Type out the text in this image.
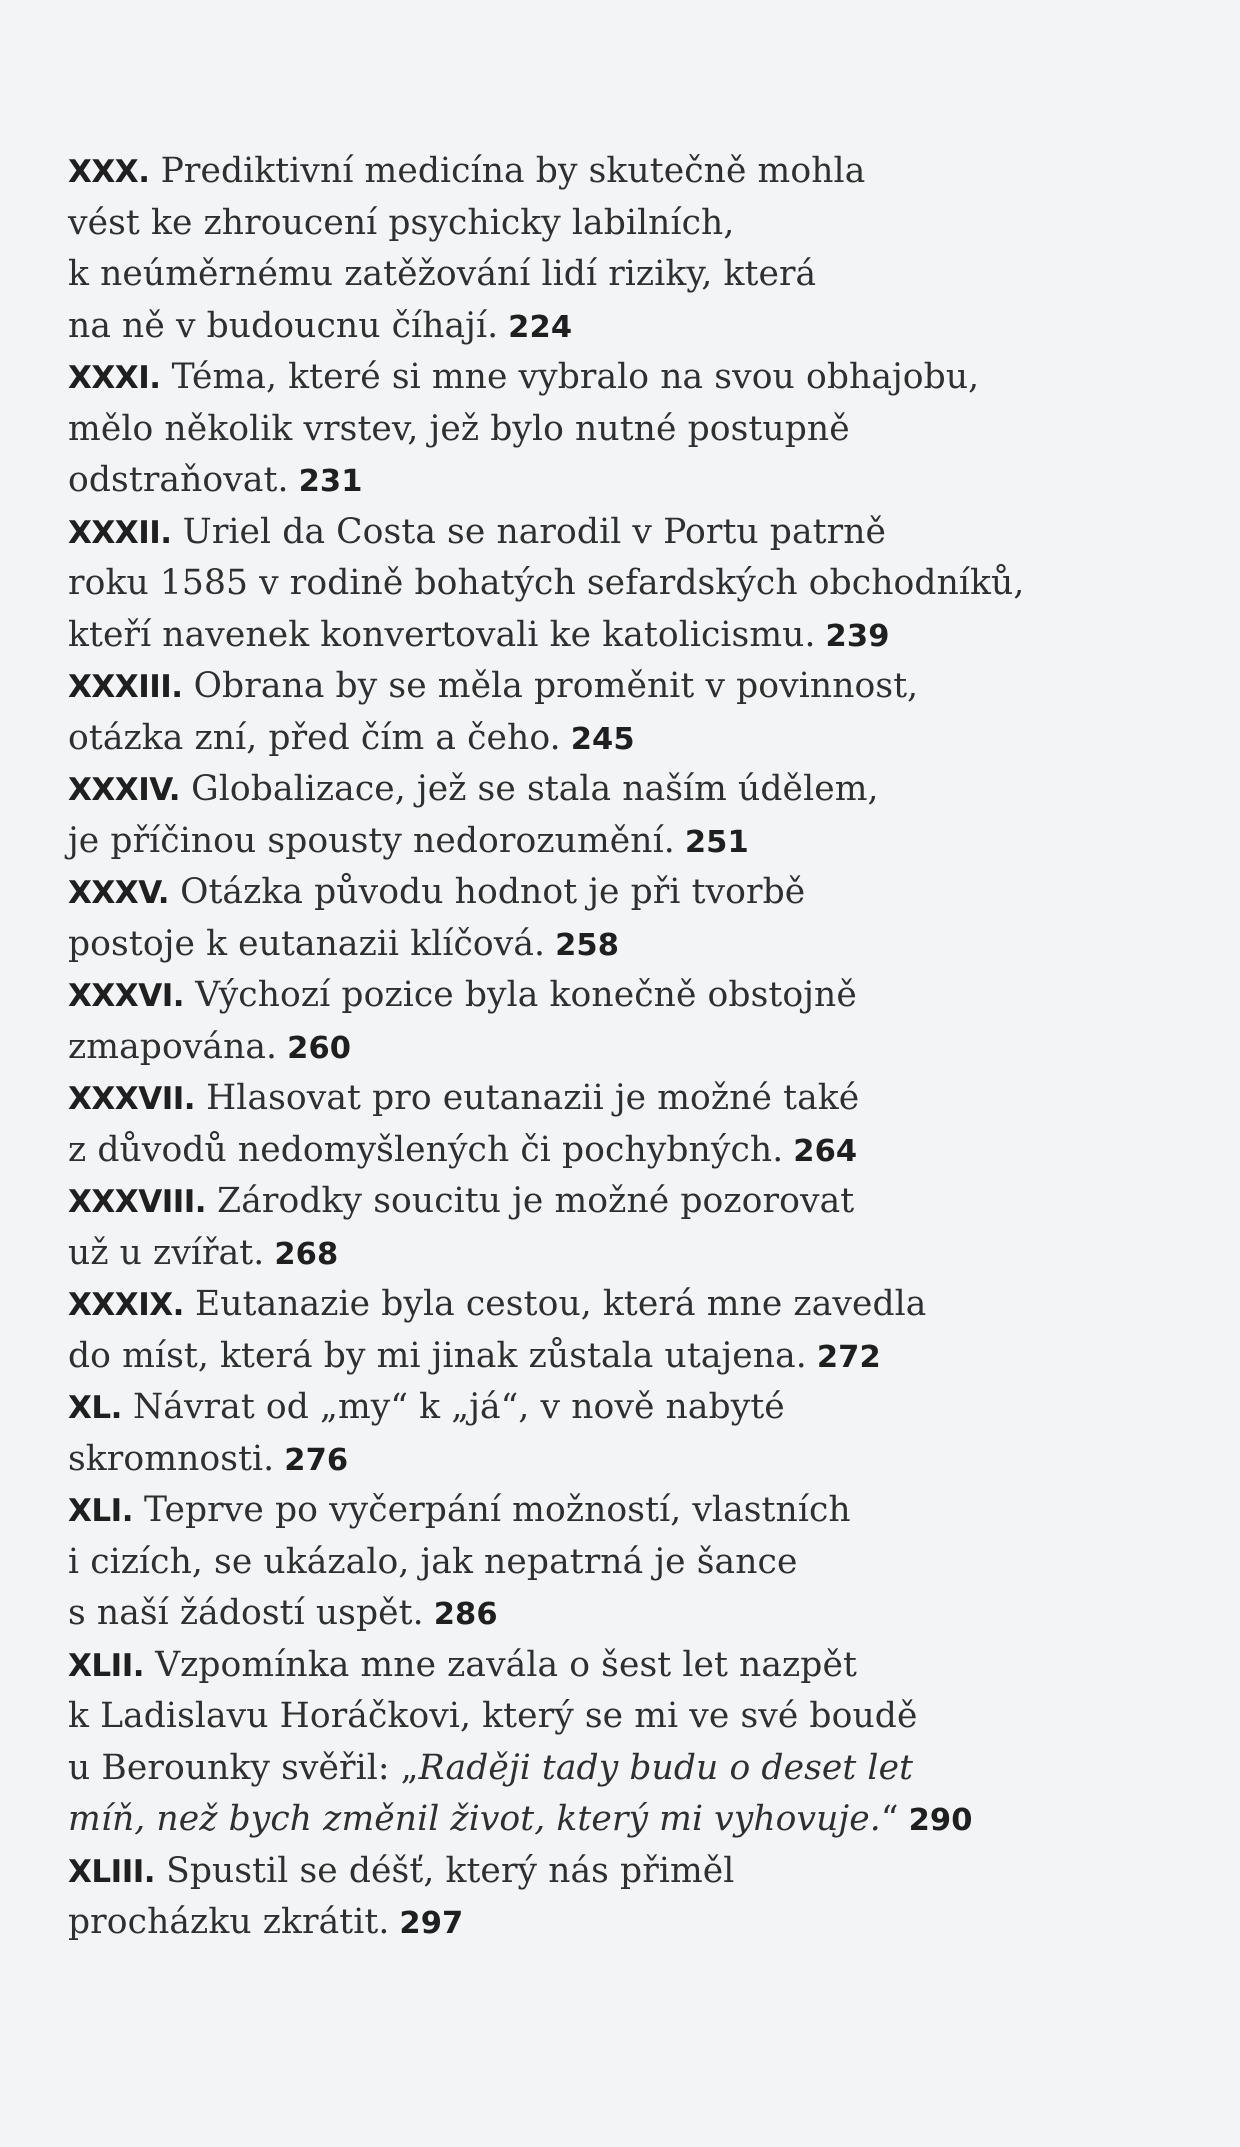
XXX. Prediktivní medicína by skutečně mohla
vést ke zhroucení psychicky labilních,
k neúměrnému zatěžování lidí riziky, která
na ně v budoucnu číhají. 224
XXXI. Téma, které si mne vybralo na svou obhajobu,
mělo několik vrstev, jež bylo nutné postupně
odstraňovat. 231
XXXII. Uriel da Costa se narodil v Portu patrně
roku 1585 v rodině bohatých sefardských obchodníků,
kteří navenek konvertovali ke katolicismu. 239
XXXIII. Obrana by se měla proměnit v povinnost,
otázka zní, před čím a čeho. 245
XXXIV. Globalizace, jež se stala naším údělem,
je příčinou spousty nedorozumění. 251
XXXV. Otázka původu hodnot je při tvorbě
postoje k eutanazii klíčová. 258
XXXVI. Výchozí pozice byla konečně obstojně
zmapována. 260
XXXVII. Hlasovat pro eutanazii je možné také
z důvodů nedomyšlených či pochybných. 264
XXXVIII. Zárodky soucitu je možné pozorovat
už u zvířat. 268
XXXIX. Eutanazie byla cestou, která mne zavedla
do míst, která by mi jinak zůstala utajena. 272
XL. Návrat od „my“ k „já“, v nově nabyté
skromnosti. 276
XLI. Teprve po vyčerpání možností, vlastních
i cizích, se ukázalo, jak nepatrná je šance
s naší žádostí uspět. 286
XLII. Vzpomínka mne zavála o šest let nazpět
k Ladislavu Horáčkovi, který se mi ve své boudě
u Berounky svěřil: „Raději tady budu o deset let
míň, než bych změnil život, který mi vyhovuje.“ 290
XLIII. Spustil se déšť, který nás přiměl
procházku zkrátit. 297
